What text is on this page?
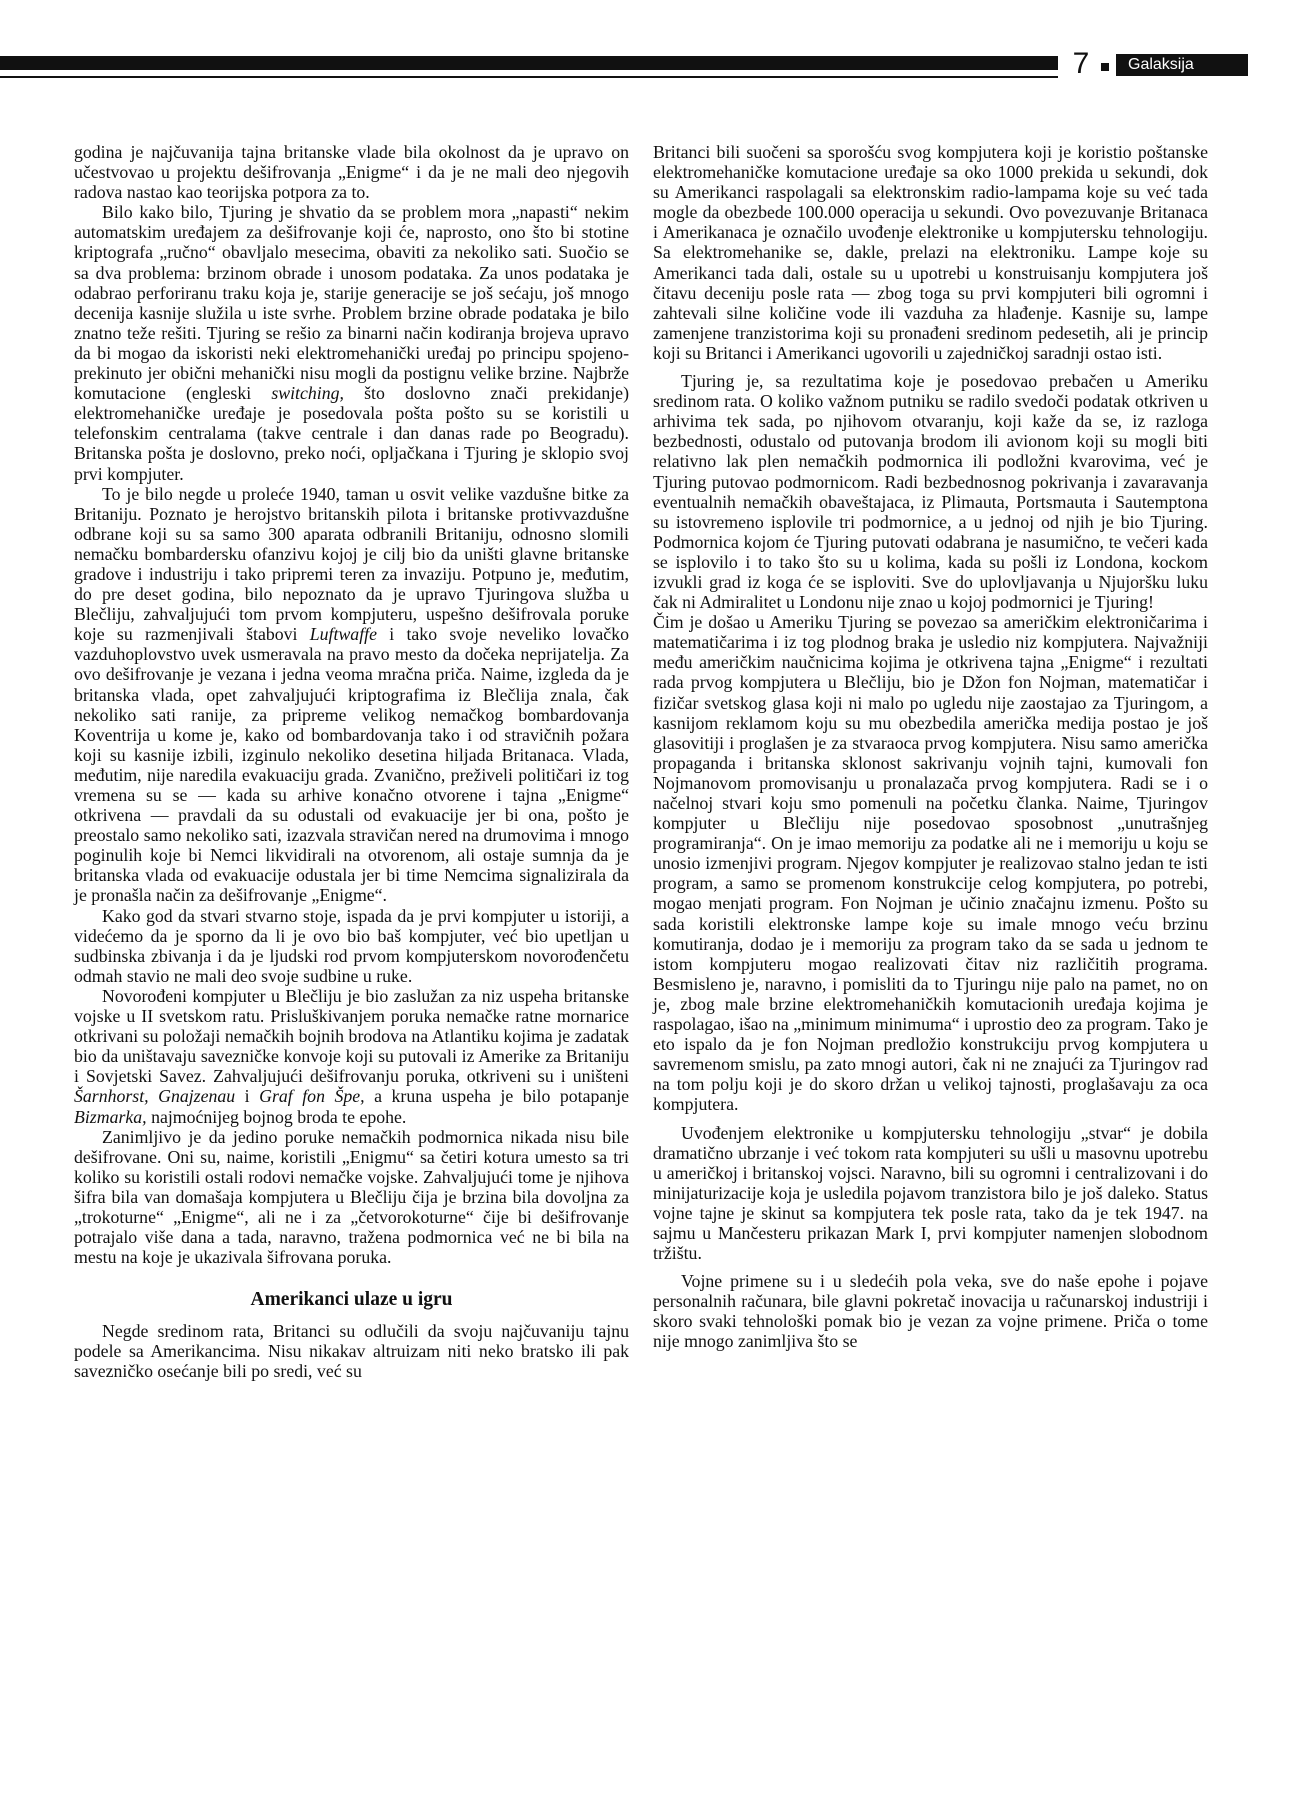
7	Galaksija

godina je najčuvanija tajna britanske vlade bila okolnost da je upravo on učestvovao u projektu dešifrovanja „Enigme“ i da je ne mali deo njegovih radova nastao kao teorijska potpora za to.

Bilo kako bilo, Tjuring je shvatio da se problem mora „napasti“ nekim automatskim uređajem za dešifrovanje koji će, naprosto, ono što bi stotine kriptografa „ručno“ obavljalo mesecima, obaviti za nekoliko sati. Suočio se sa dva problema: brzinom obrade i unosom podataka. Za unos podataka je odabrao perforiranu traku koja je, starije generacije se još sećaju, još mnogo decenija kasnije služila u iste svrhe. Problem brzine obrade podataka je bilo znatno teže rešiti. Tjuring se rešio za binarni način kodiranja brojeva upravo da bi mogao da iskoristi neki elektromehanički uređaj po principu spojeno-prekinuto jer obični mehanički nisu mogli da postignu velike brzine. Najbrže komutacione (engleski switching, što doslovno znači prekidanje) elektromehaničke uređaje je posedovala pošta pošto su se koristili u telefonskim centralama (takve centrale i dan danas rade po Beogradu). Britanska pošta je doslovno, preko noći, opljačkana i Tjuring je sklopio svoj prvi kompjuter.

To je bilo negde u proleće 1940, taman u osvit velike vazdušne bitke za Britaniju. Poznato je herojstvo britanskih pilota i britanske protivvazdušne odbrane koji su sa samo 300 aparata odbranili Britaniju, odnosno slomili nemačku bombardersku ofanzivu kojoj je cilj bio da uništi glavne britanske gradove i industriju i tako pripremi teren za invaziju. Potpuno je, međutim, do pre deset godina, bilo nepoznato da je upravo Tjuringova služba u Blečliju, zahvaljujući tom prvom kompjuteru, uspešno dešifrovala poruke koje su razmenjivali štabovi Luftwaffe i tako svoje neveliko lovačko vazduhoplovstvo uvek usmeravala na pravo mesto da dočeka neprijatelja. Za ovo dešifrovanje je vezana i jedna veoma mračna priča. Naime, izgleda da je britanska vlada, opet zahvaljujući kriptografima iz Blečlija znala, čak nekoliko sati ranije, za pripreme velikog nemačkog bombardovanja Koventrija u kome je, kako od bombardovanja tako i od stravičnih požara koji su kasnije izbili, izginulo nekoliko desetina hiljada Britanaca. Vlada, međutim, nije naredila evakuaciju grada. Zvanično, preživeli političari iz tog vremena su se — kada su arhive konačno otvorene i tajna „Enigme“ otkrivena — pravdali da su odustali od evakuacije jer bi ona, pošto je preostalo samo nekoliko sati, izazvala stravičan nered na drumovima i mnogo poginulih koje bi Nemci likvidirali na otvorenom, ali ostaje sumnja da je britanska vlada od evakuacije odustala jer bi time Nemcima signalizirala da je pronašla način za dešifrovanje „Enigme“.

Kako god da stvari stvarno stoje, ispada da je prvi kompjuter u istoriji, a videćemo da je sporno da li je ovo bio baš kompjuter, već bio upetljan u sudbinska zbivanja i da je ljudski rod prvom kompjuterskom novorođenčetu odmah stavio ne mali deo svoje sudbine u ruke.

Novorođeni kompjuter u Blečliju je bio zaslužan za niz uspeha britanske vojske u II svetskom ratu. Prisluškivanjem poruka nemačke ratne mornarice otkrivani su položaji nemačkih bojnih brodova na Atlantiku kojima je zadatak bio da uništavaju savezničke konvoje koji su putovali iz Amerike za Britaniju i Sovjetski Savez. Zahvaljujući dešifrovanju poruka, otkriveni su i uništeni Šarnhorst, Gnajzenau i Graf fon Špe, a kruna uspeha je bilo potapanje Bizmarka, najmoćnijeg bojnog broda te epohe.

Zanimljivo je da jedino poruke nemačkih podmornica nikada nisu bile dešifrovane. Oni su, naime, koristili „Enigmu“ sa četiri kotura umesto sa tri koliko su koristili ostali rodovi nemačke vojske. Zahvaljujući tome je njihova šifra bila van domašaja kompjutera u Blečliju čija je brzina bila dovoljna za „trokoturne“ „Enigme“, ali ne i za „četvorokoturne“ čije bi dešifrovanje potrajalo više dana a tada, naravno, tražena podmornica već ne bi bila na mestu na koje je ukazivala šifrovana poruka.

Amerikanci ulaze u igru

Negde sredinom rata, Britanci su odlučili da svoju najčuvaniju tajnu podele sa Amerikancima. Nisu nikakav altruizam niti neko bratsko ili pak savezničko osećanje bili po sredi, već su

Britanci bili suočeni sa sporošću svog kompjutera koji je koristio poštanske elektromehaničke komutacione uređaje sa oko 1000 prekida u sekundi, dok su Amerikanci raspolagali sa elektronskim radio-lampama koje su već tada mogle da obezbede 100.000 operacija u sekundi. Ovo povezuvanje Britanaca i Amerikanaca je označilo uvođenje elektronike u kompjutersku tehnologiju. Sa elektromehanike se, dakle, prelazi na elektroniku. Lampe koje su Amerikanci tada dali, ostale su u upotrebi u konstruisanju kompjutera još čitavu deceniju posle rata — zbog toga su prvi kompjuteri bili ogromni i zahtevali silne količine vode ili vazduha za hlađenje. Kasnije su, lampe zamenjene tranzistorima koji su pronađeni sredinom pedesetih, ali je princip koji su Britanci i Amerikanci ugovorili u zajedničkoj saradnji ostao isti.

Tjuring je, sa rezultatima koje je posedovao prebačen u Ameriku sredinom rata. O koliko važnom putniku se radilo svedoči podatak otkriven u arhivima tek sada, po njihovom otvaranju, koji kaže da se, iz razloga bezbednosti, odustalo od putovanja brodom ili avionom koji su mogli biti relativno lak plen nemačkih podmornica ili podložni kvarovima, već je Tjuring putovao podmornicom. Radi bezbednosnog pokrivanja i zavaravanja eventualnih nemačkih obaveštajaca, iz Plimauta, Portsmauta i Sautemptona su istovremeno isplovile tri podmornice, a u jednoj od njih je bio Tjuring. Podmornica kojom će Tjuring putovati odabrana je nasumično, te večeri kada se isplovilo i to tako što su u kolima, kada su pošli iz Londona, kockom izvukli grad iz koga će se isploviti. Sve do uplovljavanja u Njujoršku luku čak ni Admiralitet u Londonu nije znao u kojoj podmornici je Tjuring!

Čim je došao u Ameriku Tjuring se povezao sa američkim elektroničarima i matematičarima i iz tog plodnog braka je usledio niz kompjutera. Najvažniji među američkim naučnicima kojima je otkrivena tajna „Enigme“ i rezultati rada prvog kompjutera u Blečliju, bio je Džon fon Nojman, matematičar i fizičar svetskog glasa koji ni malo po ugledu nije zaostajao za Tjuringom, a kasnijom reklamom koju su mu obezbedila američka medija postao je još glasovitiji i proglašen je za stvaraoca prvog kompjutera. Nisu samo američka propaganda i britanska sklonost sakrivanju vojnih tajni, kumovali fon Nojmanovom promovisanju u pronalazača prvog kompjutera. Radi se i o načelnoj stvari koju smo pomenuli na početku članka. Naime, Tjuringov kompjuter u Blečliju nije posedovao sposobnost „unutrašnjeg programiranja“. On je imao memoriju za podatke ali ne i memoriju u koju se unosio izmenjivi program. Njegov kompjuter je realizovao stalno jedan te isti program, a samo se promenom konstrukcije celog kompjutera, po potrebi, mogao menjati program. Fon Nojman je učinio značajnu izmenu. Pošto su sada koristili elektronske lampe koje su imale mnogo veću brzinu komutiranja, dodao je i memoriju za program tako da se sada u jednom te istom kompjuteru mogao realizovati čitav niz različitih programa. Besmisleno je, naravno, i pomisliti da to Tjuringu nije palo na pamet, no on je, zbog male brzine elektromehaničkih komutacionih uređaja kojima je raspolagao, išao na „minimum minimuma“ i uprostio deo za program. Tako je eto ispalo da je fon Nojman predložio konstrukciju prvog kompjutera u savremenom smislu, pa zato mnogi autori, čak ni ne znajući za Tjuringov rad na tom polju koji je do skoro držan u velikoj tajnosti, proglašavaju za oca kompjutera.

Uvođenjem elektronike u kompjutersku tehnologiju „stvar“ je dobila dramatično ubrzanje i već tokom rata kompjuteri su ušli u masovnu upotrebu u američkoj i britanskoj vojsci. Naravno, bili su ogromni i centralizovani i do minijaturizacije koja je usledila pojavom tranzistora bilo je još daleko. Status vojne tajne je skinut sa kompjutera tek posle rata, tako da je tek 1947. na sajmu u Mančesteru prikazan Mark I, prvi kompjuter namenjen slobodnom tržištu.

Vojne primene su i u sledećih pola veka, sve do naše epohe i pojave personalnih računara, bile glavni pokretač inovacija u računarskoj industriji i skoro svaki tehnološki pomak bio je vezan za vojne primene. Priča o tome nije mnogo zanimljiva što se
